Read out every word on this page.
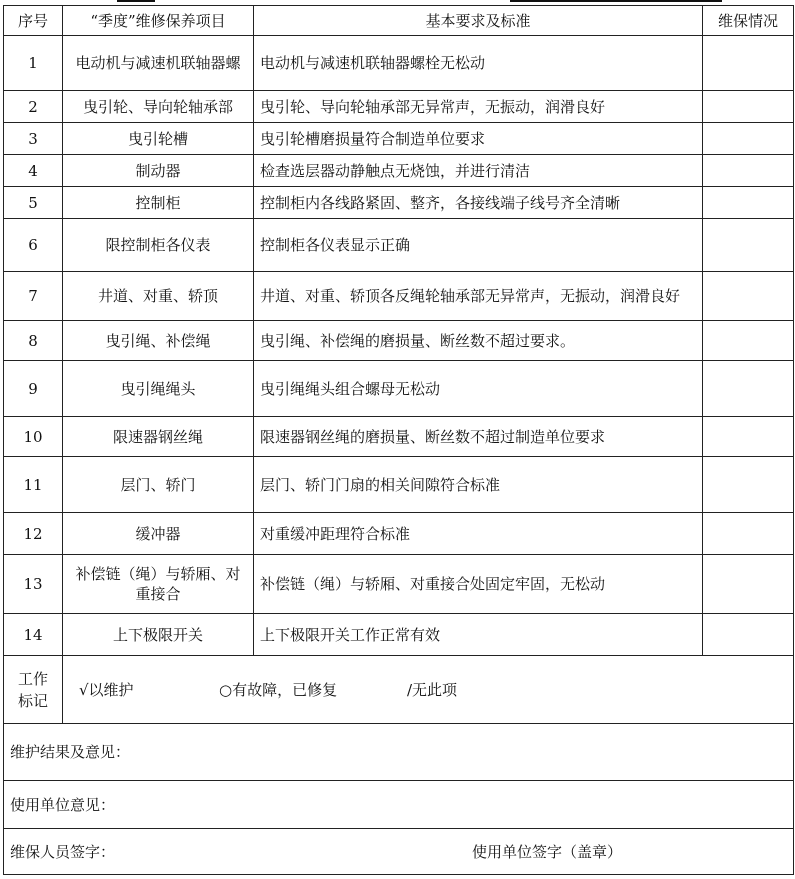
序号	“季度”维修保养项目	基本要求及标准	维保情况
1	电动机与减速机联轴器螺	电动机与减速机联轴器螺栓无松动	
2	曳引轮、导向轮轴承部	曳引轮、导向轮轴承部无异常声，无振动，润滑良好	
3	曳引轮槽	曳引轮槽磨损量符合制造单位要求	
4	制动器	检查选层器动静触点无烧蚀，并进行清洁	
5	控制柜	控制柜内各线路紧固、整齐，各接线端子线号齐全清晰	
6	限控制柜各仪表	控制柜各仪表显示正确	
7	井道、对重、轿顶	井道、对重、轿顶各反绳轮轴承部无异常声，无振动，润滑良好	
8	曳引绳、补偿绳	曳引绳、补偿绳的磨损量、断丝数不超过要求。	
9	曳引绳绳头	曳引绳绳头组合螺母无松动	
10	限速器钢丝绳	限速器钢丝绳的磨损量、断丝数不超过制造单位要求	
11	层门、轿门	层门、轿门门扇的相关间隙符合标准	
12	缓冲器	对重缓冲距理符合标准	
13	补偿链（绳）与轿厢、对重接合	补偿链（绳）与轿厢、对重接合处固定牢固，无松动	
14	上下极限开关	上下极限开关工作正常有效	
工作标记	√以维护 ○有故障，已修复 /无此项		

维护结果及意见：			
使用单位意见：			

维保人员签字： 使用单位签字（盖章）			
